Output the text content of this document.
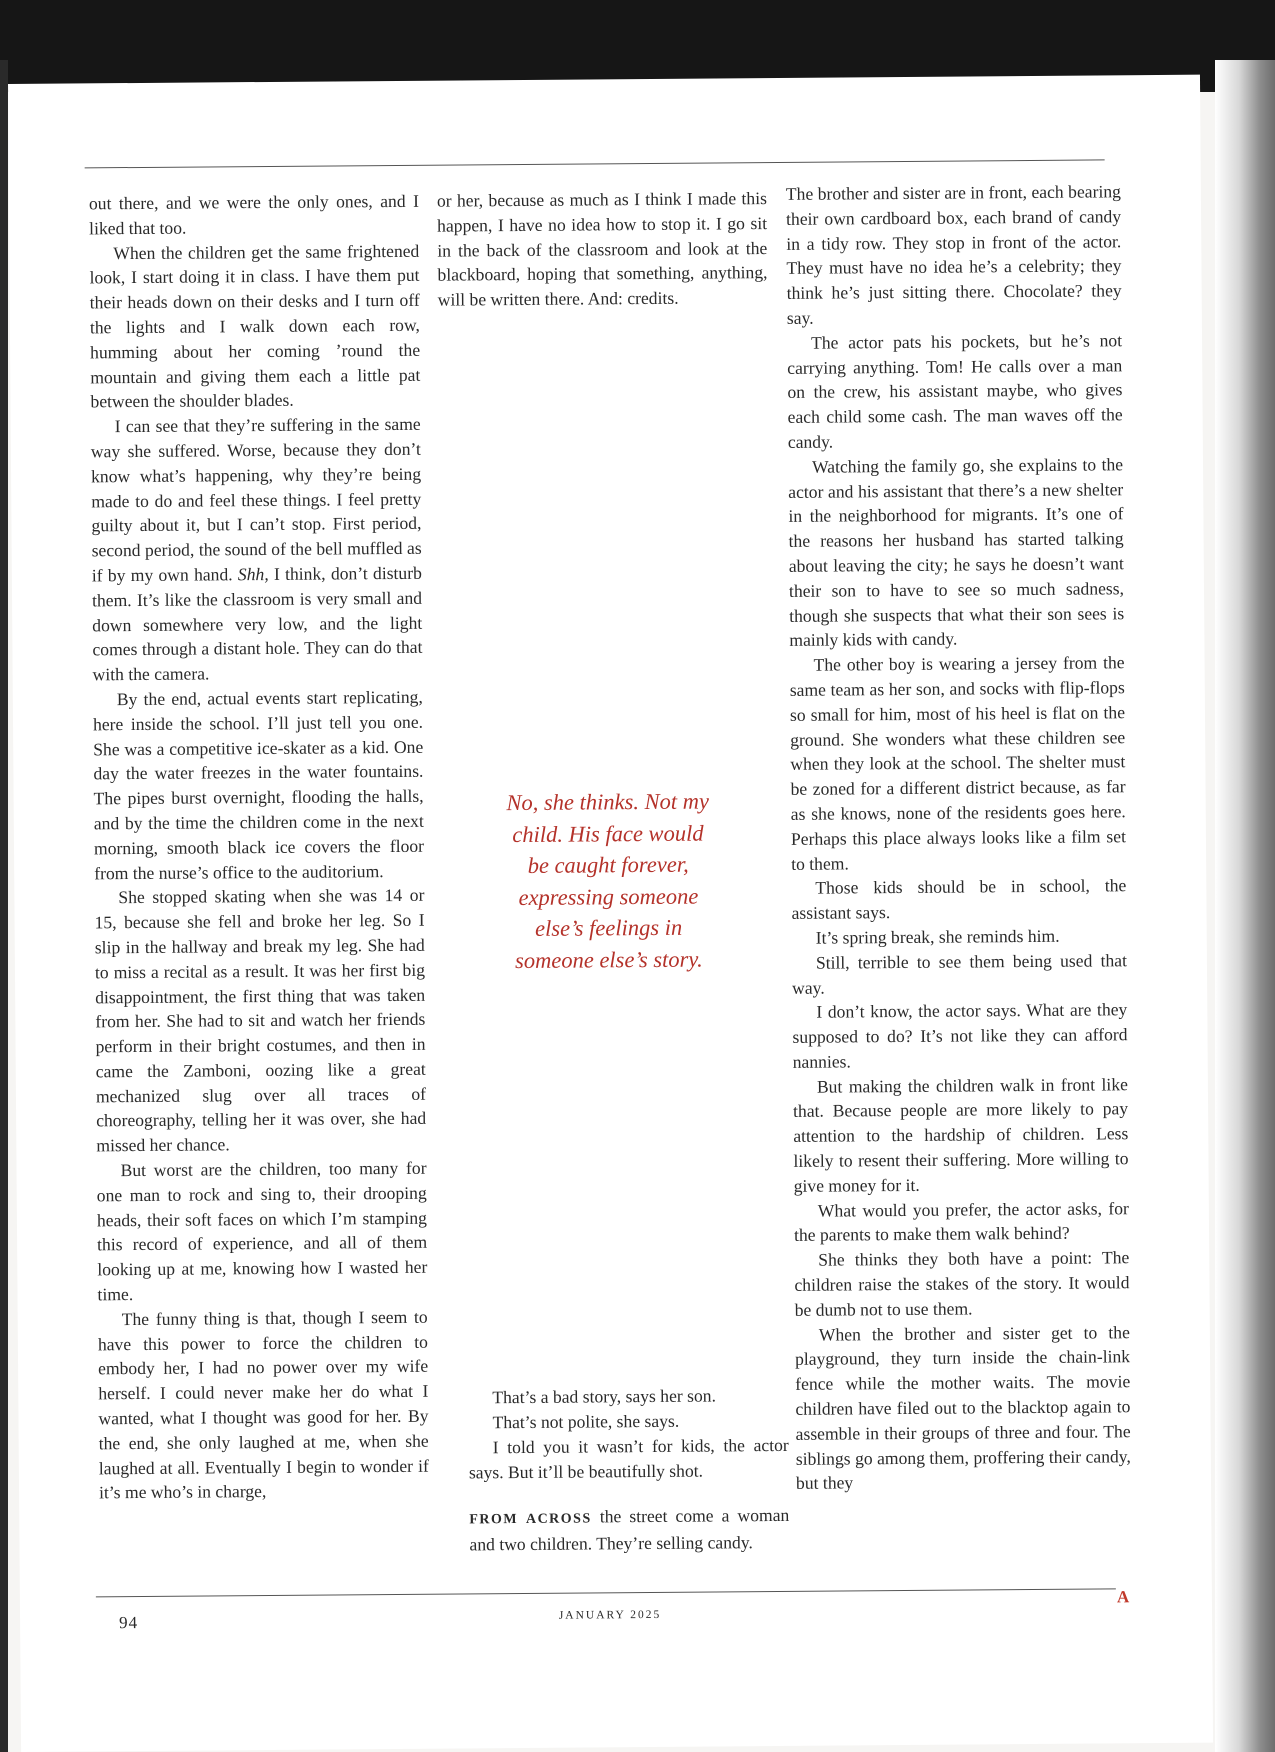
out there, and we were the only ones, and I liked that too.

When the children get the same frightened look, I start doing it in class. I have them put their heads down on their desks and I turn off the lights and I walk down each row, humming about her coming ’round the mountain and giving them each a little pat between the shoulder blades.

I can see that they’re suffering in the same way she suffered. Worse, because they don’t know what’s happening, why they’re being made to do and feel these things. I feel pretty guilty about it, but I can’t stop. First period, second period, the sound of the bell muffled as if by my own hand. Shh, I think, don’t disturb them. It’s like the classroom is very small and down somewhere very low, and the light comes through a distant hole. They can do that with the camera.

By the end, actual events start replicating, here inside the school. I’ll just tell you one. She was a competitive ice-skater as a kid. One day the water freezes in the water fountains. The pipes burst overnight, flooding the halls, and by the time the children come in the next morning, smooth black ice covers the floor from the nurse’s office to the auditorium.

She stopped skating when she was 14 or 15, because she fell and broke her leg. So I slip in the hallway and break my leg. She had to miss a recital as a result. It was her first big disappointment, the first thing that was taken from her. She had to sit and watch her friends perform in their bright costumes, and then in came the Zamboni, oozing like a great mechanized slug over all traces of choreography, telling her it was over, she had missed her chance.

But worst are the children, too many for one man to rock and sing to, their drooping heads, their soft faces on which I’m stamping this record of experience, and all of them looking up at me, knowing how I wasted her time.

The funny thing is that, though I seem to have this power to force the children to embody her, I had no power over my wife herself. I could never make her do what I wanted, what I thought was good for her. By the end, she only laughed at me, when she laughed at all. Eventually I begin to wonder if it’s me who’s in charge,

or her, because as much as I think I made this happen, I have no idea how to stop it. I go sit in the back of the classroom and look at the blackboard, hoping that something, anything, will be written there. And: credits.

No, she thinks. Not my child. His face would be caught forever, expressing someone else’s feelings in someone else’s story.

That’s a bad story, says her son.

That’s not polite, she says.

I told you it wasn’t for kids, the actor says. But it’ll be beautifully shot.

FROM ACROSS the street come a woman and two children. They’re selling candy.

The brother and sister are in front, each bearing their own cardboard box, each brand of candy in a tidy row. They stop in front of the actor. They must have no idea he’s a celebrity; they think he’s just sitting there. Chocolate? they say.

The actor pats his pockets, but he’s not carrying anything. Tom! He calls over a man on the crew, his assistant maybe, who gives each child some cash. The man waves off the candy.

Watching the family go, she explains to the actor and his assistant that there’s a new shelter in the neighborhood for migrants. It’s one of the reasons her husband has started talking about leaving the city; he says he doesn’t want their son to have to see so much sadness, though she suspects that what their son sees is mainly kids with candy.

The other boy is wearing a jersey from the same team as her son, and socks with flip-flops so small for him, most of his heel is flat on the ground. She wonders what these children see when they look at the school. The shelter must be zoned for a different district because, as far as she knows, none of the residents goes here. Perhaps this place always looks like a film set to them.

Those kids should be in school, the assistant says.

It’s spring break, she reminds him.

Still, terrible to see them being used that way.

I don’t know, the actor says. What are they supposed to do? It’s not like they can afford nannies.

But making the children walk in front like that. Because people are more likely to pay attention to the hardship of children. Less likely to resent their suffering. More willing to give money for it.

What would you prefer, the actor asks, for the parents to make them walk behind?

She thinks they both have a point: The children raise the stakes of the story. It would be dumb not to use them.

When the brother and sister get to the playground, they turn inside the chain-link fence while the mother waits. The movie children have filed out to the blacktop again to assemble in their groups of three and four. The siblings go among them, proffering their candy, but they

94	JANUARY 2025
A
